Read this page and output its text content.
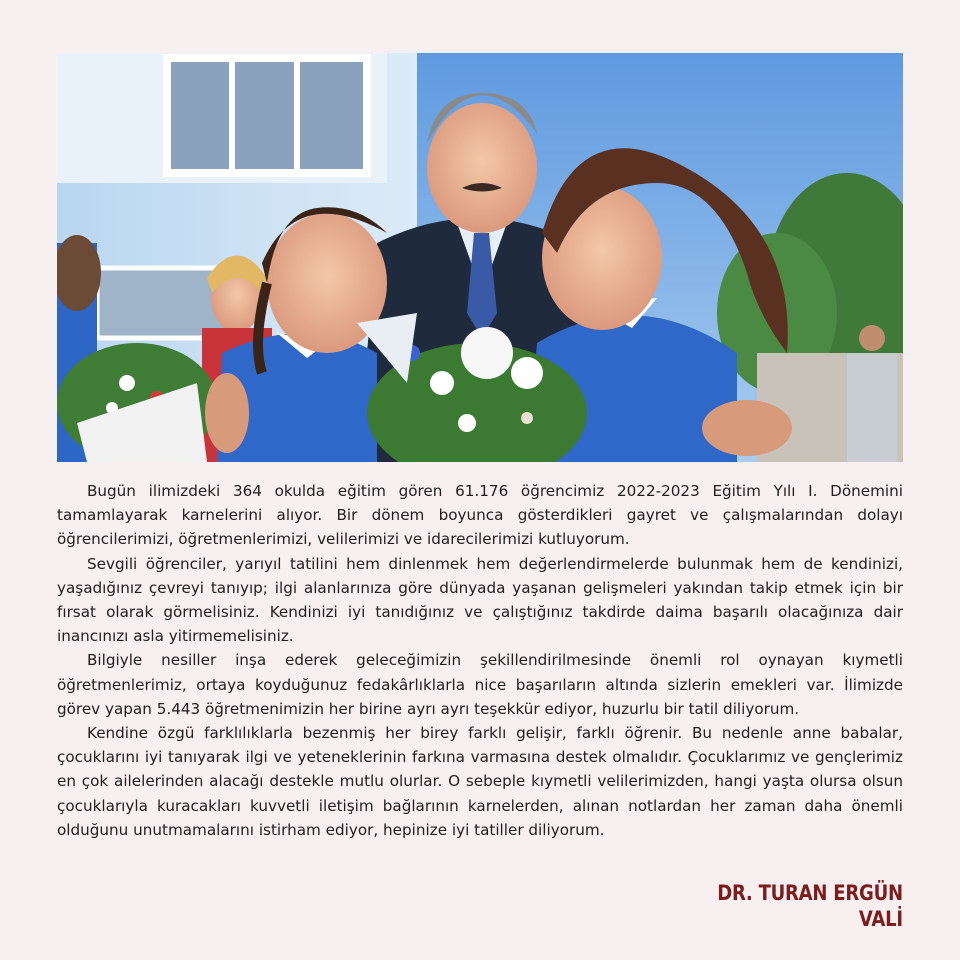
Bugün ilimizdeki 364 okulda eğitim gören 61.176 öğrencimiz 2022-2023 Eğitim Yılı I. Dönemini tamamlayarak karnelerini alıyor. Bir dönem boyunca gösterdikleri gayret ve çalışmalarından dolayı öğrencilerimizi, öğretmenlerimizi, velilerimizi ve idarecilerimizi kutluyorum.

Sevgili öğrenciler, yarıyıl tatilini hem dinlenmek hem değerlendirmelerde bulunmak hem de kendinizi, yaşadığınız çevreyi tanıyıp; ilgi alanlarınıza göre dünyada yaşanan gelişmeleri yakından takip etmek için bir fırsat olarak görmelisiniz. Kendinizi iyi tanıdığınız ve çalıştığınız takdirde daima başarılı olacağınıza dair inancınızı asla yitirmemelisiniz.

Bilgiyle nesiller inşa ederek geleceğimizin şekillendirilmesinde önemli rol oynayan kıymetli öğretmenlerimiz, ortaya koyduğunuz fedakârlıklarla nice başarıların altında sizlerin emekleri var. İlimizde görev yapan 5.443 öğretmenimizin her birine ayrı ayrı teşekkür ediyor, huzurlu bir tatil diliyorum.

Kendine özgü farklılıklarla bezenmiş her birey farklı gelişir, farklı öğrenir. Bu nedenle anne babalar, çocuklarını iyi tanıyarak ilgi ve yeteneklerinin farkına varmasına destek olmalıdır. Çocuklarımız ve gençlerimiz en çok ailelerinden alacağı destekle mutlu olurlar. O sebeple kıymetli velilerimizden, hangi yaşta olursa olsun çocuklarıyla kuracakları kuvvetli iletişim bağlarının karnelerden, alınan notlardan her zaman daha önemli olduğunu unutmamalarını istirham ediyor, hepinize iyi tatiller diliyorum.

DR. TURAN ERGÜN
VALİ
